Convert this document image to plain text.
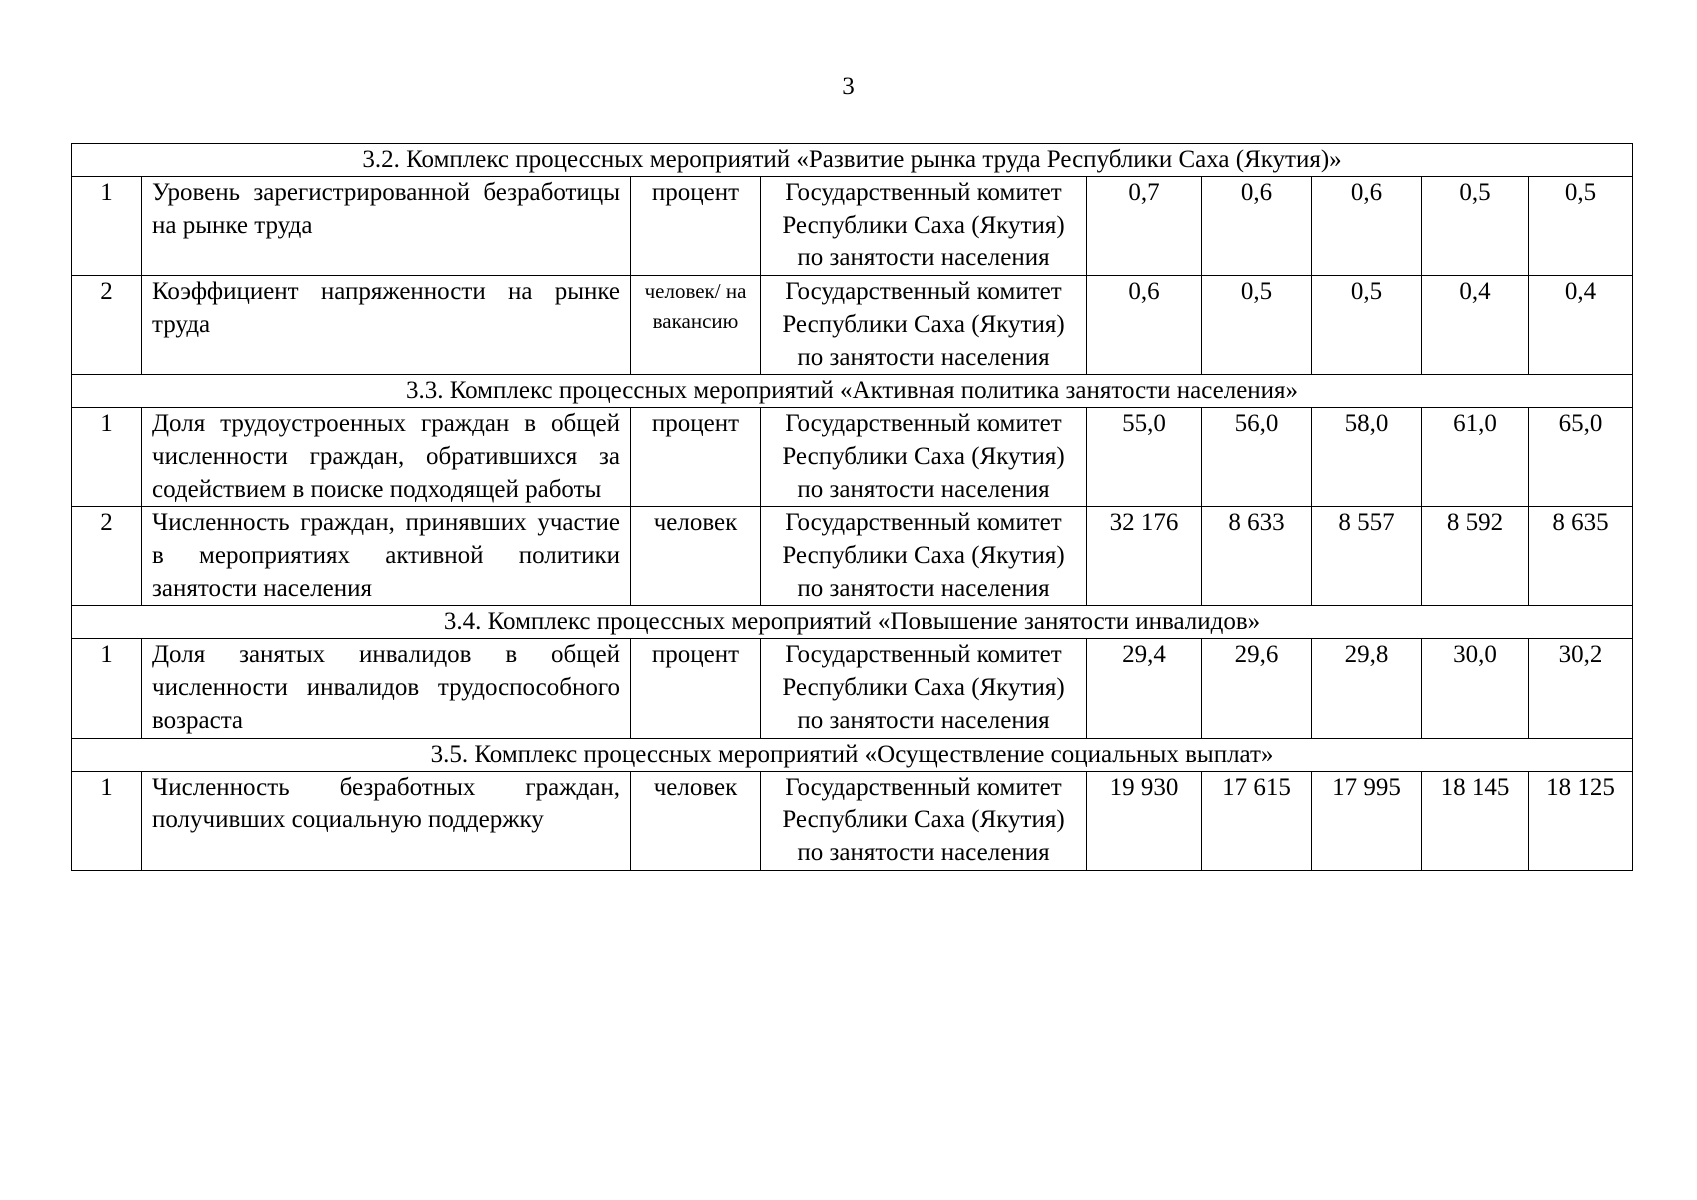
3
3.2. Комплекс процессных мероприятий «Развитие рынка труда Республики Саха (Якутия)»								
1	Уровень зарегистрированной безработицы на рынке труда	процент	Государственный комитет Республики Саха (Якутия) по занятости населения	0,7	0,6	0,6	0,5	0,5
2	Коэффициент напряженности на рынке труда	человек/ на вакансию	Государственный комитет Республики Саха (Якутия) по занятости населения	0,6	0,5	0,5	0,4	0,4
3.3. Комплекс процессных мероприятий «Активная политика занятости населения»								
1	Доля трудоустроенных граждан в общей численности граждан, обратившихся за содействием в поиске подходящей работы	процент	Государственный комитет Республики Саха (Якутия) по занятости населения	55,0	56,0	58,0	61,0	65,0
2	Численность граждан, принявших участие в мероприятиях активной политики занятости населения	человек	Государственный комитет Республики Саха (Якутия) по занятости населения	32 176	8 633	8 557	8 592	8 635
3.4. Комплекс процессных мероприятий «Повышение занятости инвалидов»								
1	Доля занятых инвалидов в общей численности инвалидов трудоспособного возраста	процент	Государственный комитет Республики Саха (Якутия) по занятости населения	29,4	29,6	29,8	30,0	30,2
3.5. Комплекс процессных мероприятий «Осуществление социальных выплат»								
1	Численность безработных граждан, получивших социальную поддержку	человек	Государственный комитет Республики Саха (Якутия) по занятости населения	19 930	17 615	17 995	18 145	18 125
